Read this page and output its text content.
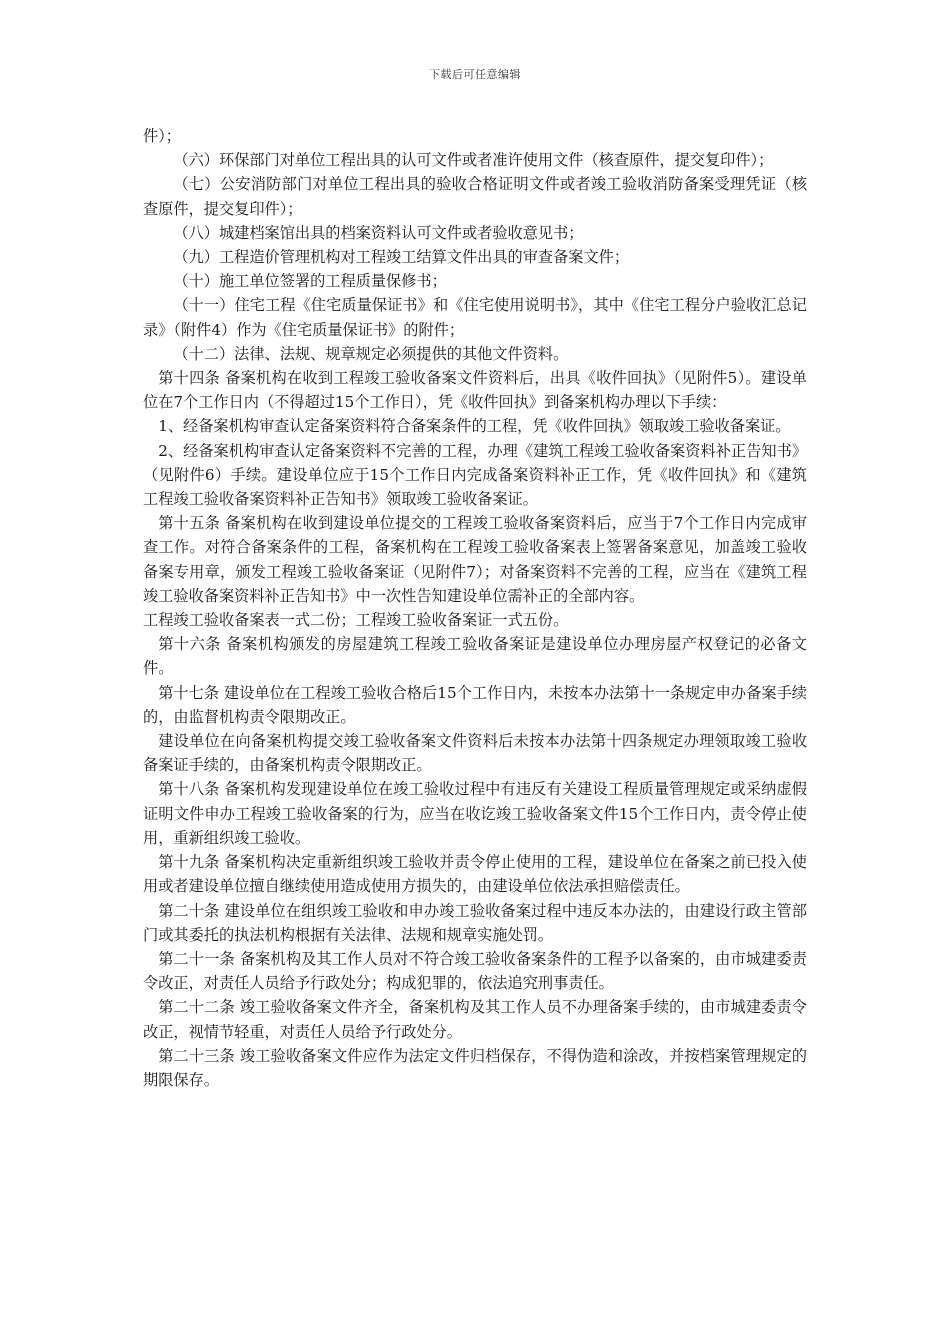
下载后可任意编辑

件）；

（六）环保部门对单位工程出具的认可文件或者准许使用文件（核查原件，提交复印件）；

（七）公安消防部门对单位工程出具的验收合格证明文件或者竣工验收消防备案受理凭证（核查原件，提交复印件）；

（八）城建档案馆出具的档案资料认可文件或者验收意见书；

（九）工程造价管理机构对工程竣工结算文件出具的审查备案文件；

（十）施工单位签署的工程质量保修书；

（十一）住宅工程《住宅质量保证书》和《住宅使用说明书》，其中《住宅工程分户验收汇总记录》（附件4）作为《住宅质量保证书》的附件；

（十二）法律、法规、规章规定必须提供的其他文件资料。

第十四条 备案机构在收到工程竣工验收备案文件资料后，出具《收件回执》（见附件5）。建设单位在7个工作日内（不得超过15个工作日），凭《收件回执》到备案机构办理以下手续：

1、经备案机构审查认定备案资料符合备案条件的工程，凭《收件回执》领取竣工验收备案证。

2、经备案机构审查认定备案资料不完善的工程，办理《建筑工程竣工验收备案资料补正告知书》（见附件6）手续。建设单位应于15个工作日内完成备案资料补正工作，凭《收件回执》和《建筑工程竣工验收备案资料补正告知书》领取竣工验收备案证。

第十五条 备案机构在收到建设单位提交的工程竣工验收备案资料后，应当于7个工作日内完成审查工作。对符合备案条件的工程，备案机构在工程竣工验收备案表上签署备案意见，加盖竣工验收备案专用章，颁发工程竣工验收备案证（见附件7）；对备案资料不完善的工程，应当在《建筑工程竣工验收备案资料补正告知书》中一次性告知建设单位需补正的全部内容。

工程竣工验收备案表一式二份；工程竣工验收备案证一式五份。

第十六条 备案机构颁发的房屋建筑工程竣工验收备案证是建设单位办理房屋产权登记的必备文件。

第十七条 建设单位在工程竣工验收合格后15个工作日内，未按本办法第十一条规定申办备案手续的，由监督机构责令限期改正。

建设单位在向备案机构提交竣工验收备案文件资料后未按本办法第十四条规定办理领取竣工验收备案证手续的，由备案机构责令限期改正。

第十八条 备案机构发现建设单位在竣工验收过程中有违反有关建设工程质量管理规定或采纳虚假证明文件申办工程竣工验收备案的行为，应当在收讫竣工验收备案文件15个工作日内，责令停止使用，重新组织竣工验收。

第十九条 备案机构决定重新组织竣工验收并责令停止使用的工程，建设单位在备案之前已投入使用或者建设单位擅自继续使用造成使用方损失的，由建设单位依法承担赔偿责任。

第二十条 建设单位在组织竣工验收和申办竣工验收备案过程中违反本办法的，由建设行政主管部门或其委托的执法机构根据有关法律、法规和规章实施处罚。

第二十一条 备案机构及其工作人员对不符合竣工验收备案条件的工程予以备案的，由市城建委责令改正，对责任人员给予行政处分；构成犯罪的，依法追究刑事责任。

第二十二条 竣工验收备案文件齐全，备案机构及其工作人员不办理备案手续的，由市城建委责令改正，视情节轻重，对责任人员给予行政处分。

第二十三条 竣工验收备案文件应作为法定文件归档保存，不得伪造和涂改，并按档案管理规定的期限保存。
